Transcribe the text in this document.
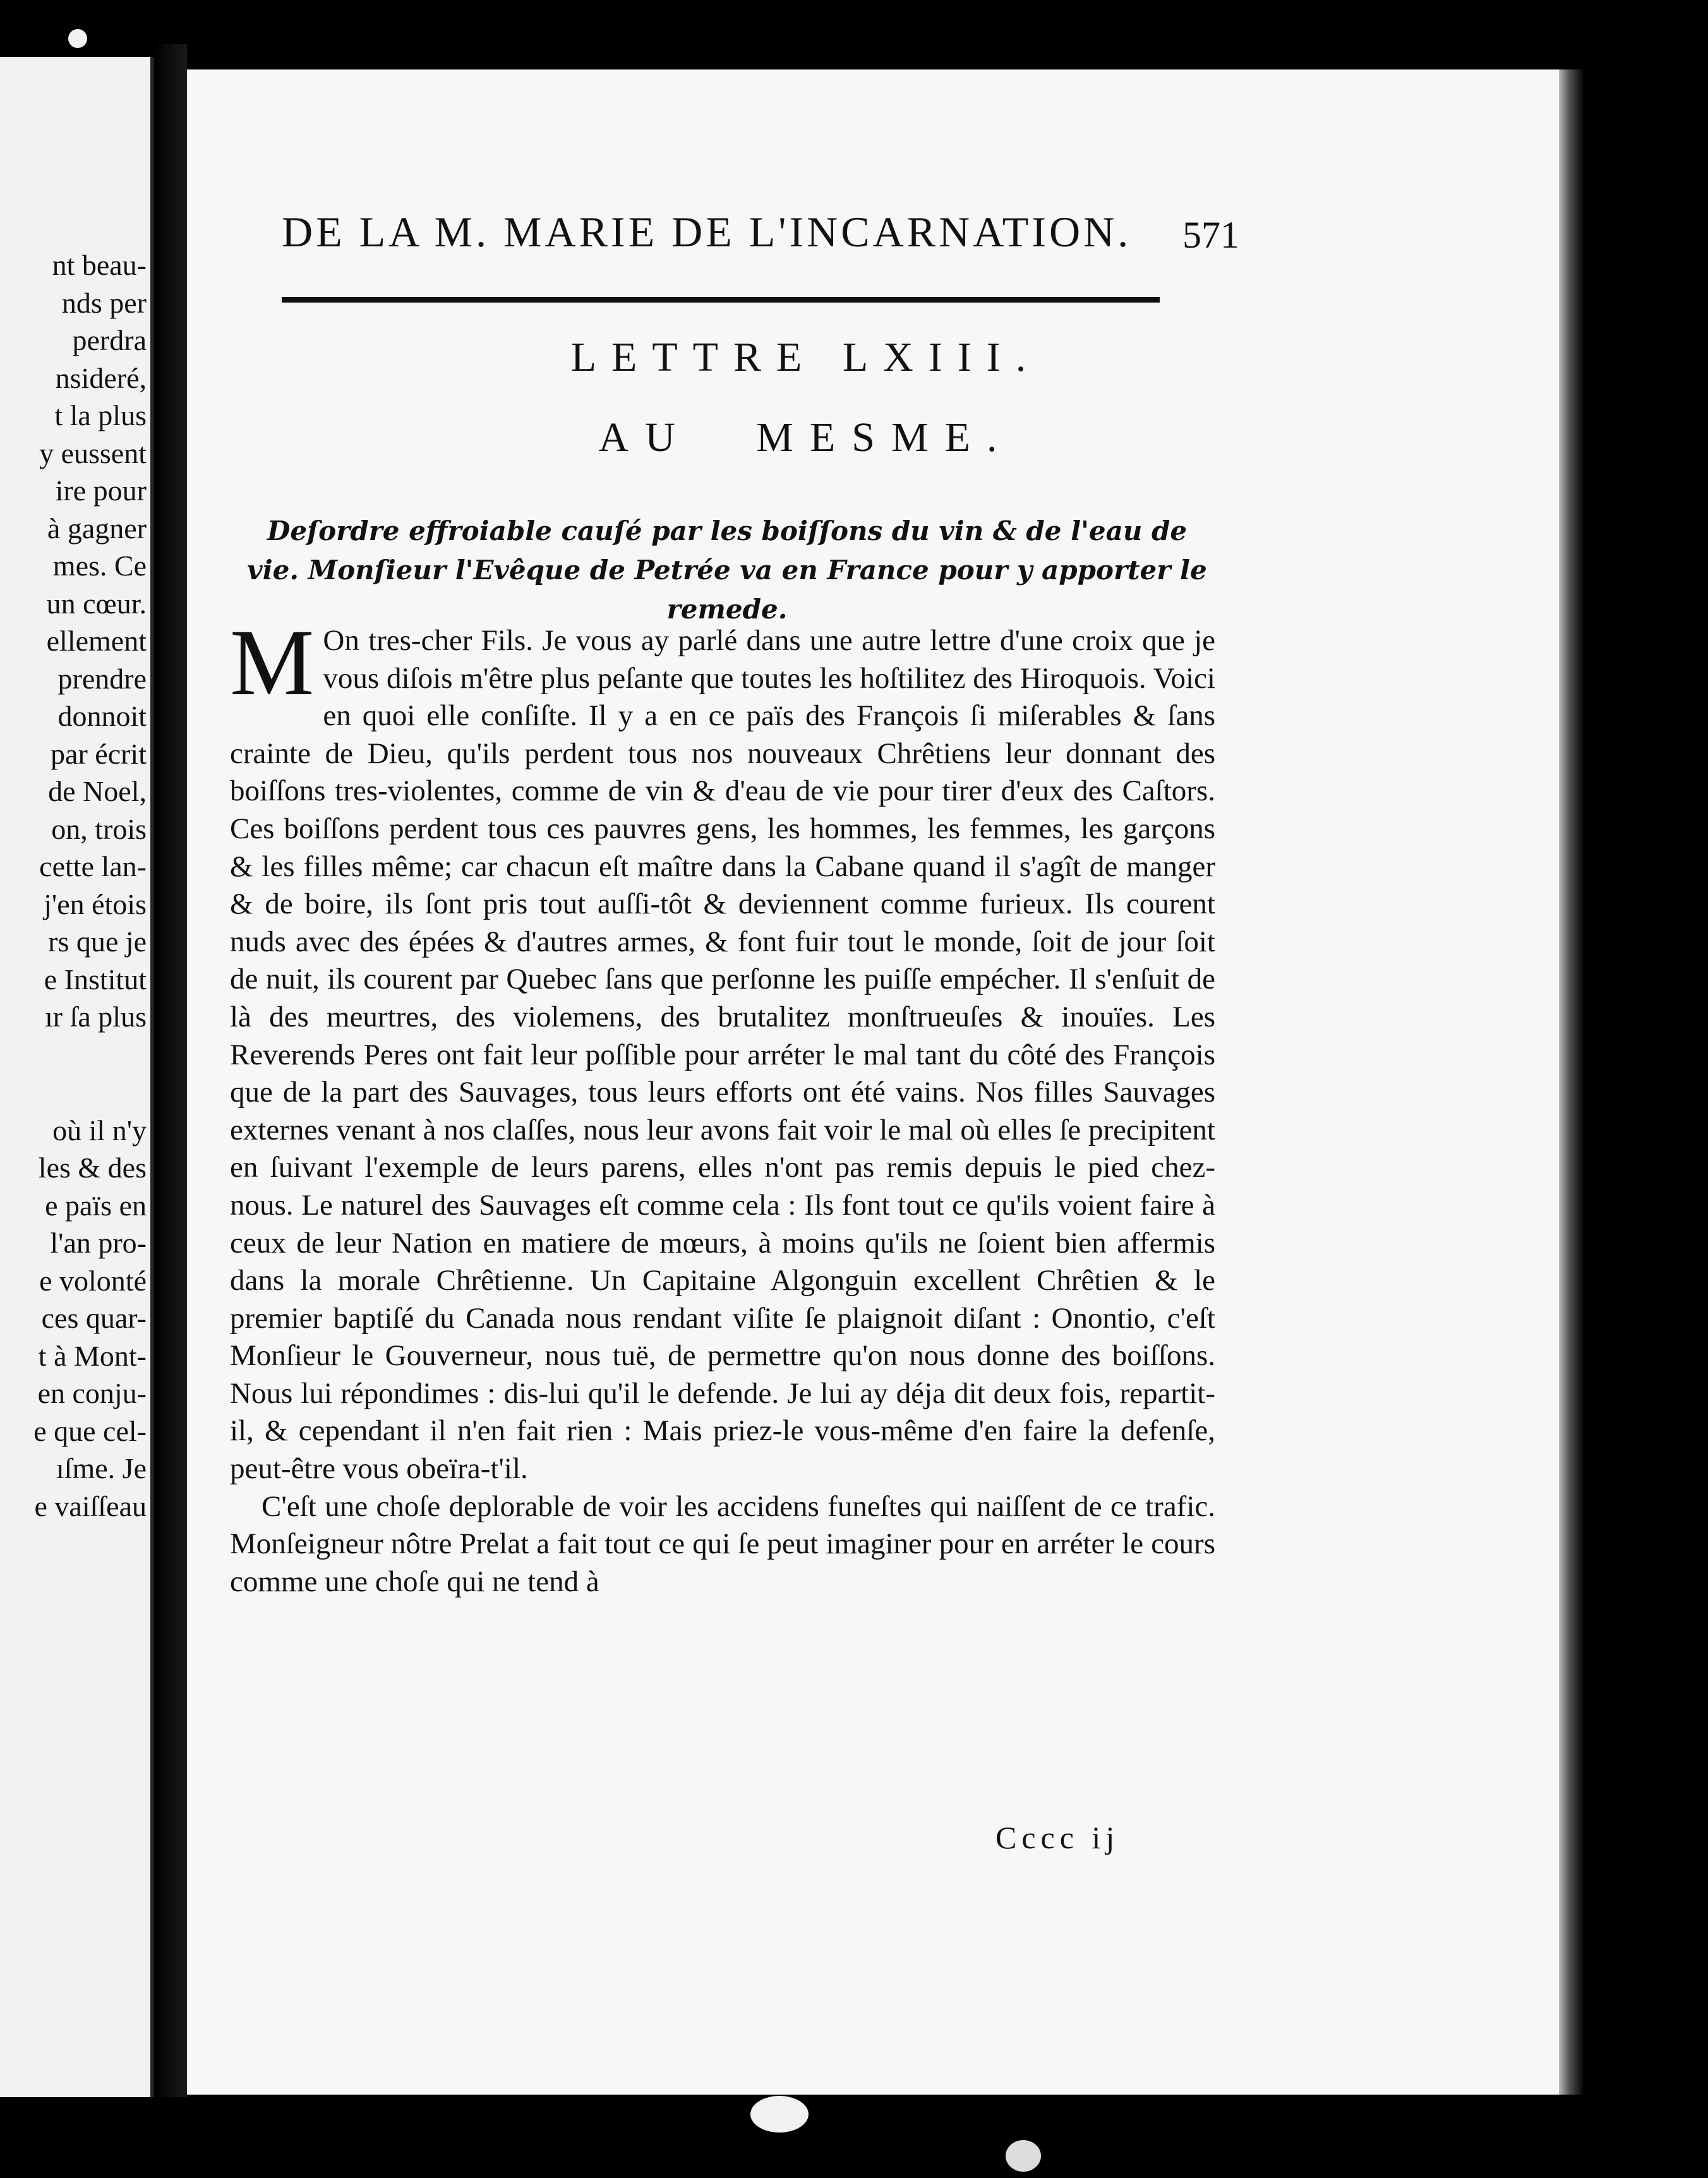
nt beau-
nds per
perdra
nsideré,
t la plus
y eussent
ire pour
à gagner
mes. Ce
un cœur.
ellement
prendre
donnoit
par écrit
de Noel,
on, trois
cette lan-
j'en étois
rs que je
e Institut
ır ſa plus
où il n'y
les & des
e païs en
l'an pro-
e volonté
ces quar-
t à Mont-
en conju-
e que cel-
ıſme. Je
e vaiſſeau
DE LA M. MARIE DE L'INCARNATION. 571
LETTRE LXIII.
AU MESME.
Deſordre effroiable cauſé par les boiſſons du vin & de l'eau de vie. Monſieur l'Evêque de Petrée va en France pour y apporter le remede.

M On tres-cher Fils. Je vous ay parlé dans une autre lettre d'une croix que je vous diſois m'être plus peſante que toutes les hoſtilitez des Hiroquois. Voici en quoi elle conſiſte. Il y a en ce païs des François ſi miſerables & ſans crainte de Dieu, qu'ils perdent tous nos nouveaux Chrêtiens leur donnant des boiſſons tres-violentes, comme de vin & d'eau de vie pour tirer d'eux des Caſtors. Ces boiſſons perdent tous ces pauvres gens, les hommes, les femmes, les garçons & les filles même; car chacun eſt maître dans la Cabane quand il s'agît de manger & de boire, ils ſont pris tout auſſi-tôt & deviennent comme furieux. Ils courent nuds avec des épées & d'autres armes, & font fuir tout le monde, ſoit de jour ſoit de nuit, ils courent par Quebec ſans que perſonne les puiſſe empécher. Il s'enſuit de là des meurtres, des violemens, des brutalitez monſtrueuſes & inouïes. Les Reverends Peres ont fait leur poſſible pour arréter le mal tant du côté des François que de la part des Sauvages, tous leurs efforts ont été vains. Nos filles Sauvages externes venant à nos claſſes, nous leur avons fait voir le mal où elles ſe precipitent en ſuivant l'exemple de leurs parens, elles n'ont pas remis depuis le pied chez-nous. Le naturel des Sauvages eſt comme cela : Ils font tout ce qu'ils voient faire à ceux de leur Nation en matiere de mœurs, à moins qu'ils ne ſoient bien affermis dans la morale Chrêtienne. Un Capitaine Algonguin excellent Chrêtien & le premier baptiſé du Canada nous rendant viſite ſe plaignoit diſant : Onontio, c'eſt Monſieur le Gouverneur, nous tuë, de permettre qu'on nous donne des boiſſons. Nous lui répondimes : dis-lui qu'il le defende. Je lui ay déja dit deux fois, repartit-il, & cependant il n'en fait rien : Mais priez-le vous-même d'en faire la defenſe, peut-être vous obeïra-t'il.

C'eſt une choſe deplorable de voir les accidens funeſtes qui naiſſent de ce trafic. Monſeigneur nôtre Prelat a fait tout ce qui ſe peut imaginer pour en arréter le cours comme une choſe qui ne tend à

Cccc ij
